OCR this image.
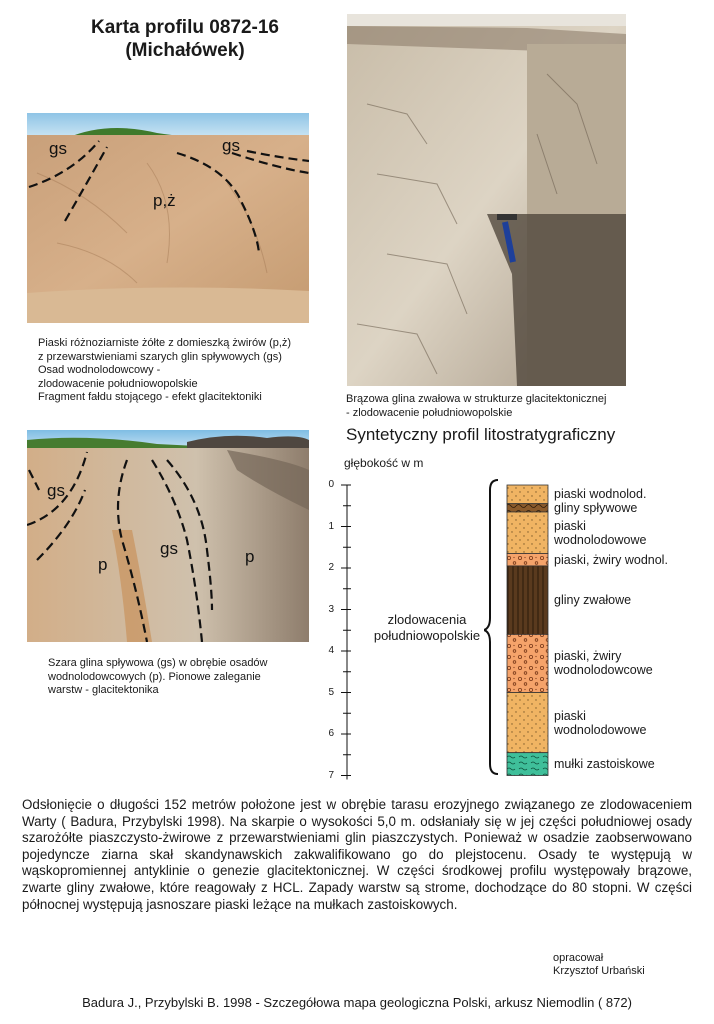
Karta profilu 0872-16
(Michałówek)
gs	gs
p,ż
Piaski różnoziarniste żółte z domieszką żwirów (p,ż)
z przewarstwieniami szarych glin spływowych (gs)
Osad wodnolodowcowy -
zlodowacenie południowopolskie
Fragment fałdu stojącego - efekt glacitektoniki	Brązowa glina zwałowa w strukturze glacitektonicznej
- zlodowacenie południowopolskie
gs
gs
p	p
Szara glina spływowa (gs) w obrębie osadów
wodnolodowcowych (p). Pionowe zaleganie
warstw - glacitektonika
Syntetyczny profil litostratygraficzny
głębokość w m
0
1
2
3
4
5
6
7
zlodowacenia
południowopolskie
piaski wodnolod.
gliny spływowe
piaski
wodnolodowowe
piaski, żwiry wodnol.
gliny zwałowe
piaski, żwiry
wodnolodowcowe
piaski
wodnolodowowe
mułki zastoiskowe
Odsłonięcie o długości 152 metrów położone jest w obrębie tarasu erozyjnego związanego ze zlodowaceniem Warty ( Badura, Przybylski 1998). Na skarpie o wysokości 5,0 m. odsłaniały się w jej części południowej osady szarożółte piaszczysto-żwirowe z przewarstwieniami glin piaszczystych. Ponieważ w osadzie zaobserwowano pojedyncze ziarna skał skandynawskich zakwalifikowano go do plejstocenu. Osady te występują w wąskopromiennej antyklinie o genezie glacitektonicznej. W części środkowej profilu występowały brązowe, zwarte gliny zwałowe, które reagowały z HCL. Zapady warstw są strome, dochodzące do 80 stopni. W części północnej występują jasnoszare piaski leżące na mułkach zastoiskowych.
opracował
Krzysztof Urbański
Badura J., Przybylski B. 1998 - Szczegółowa mapa geologiczna Polski, arkusz Niemodlin ( 872)
